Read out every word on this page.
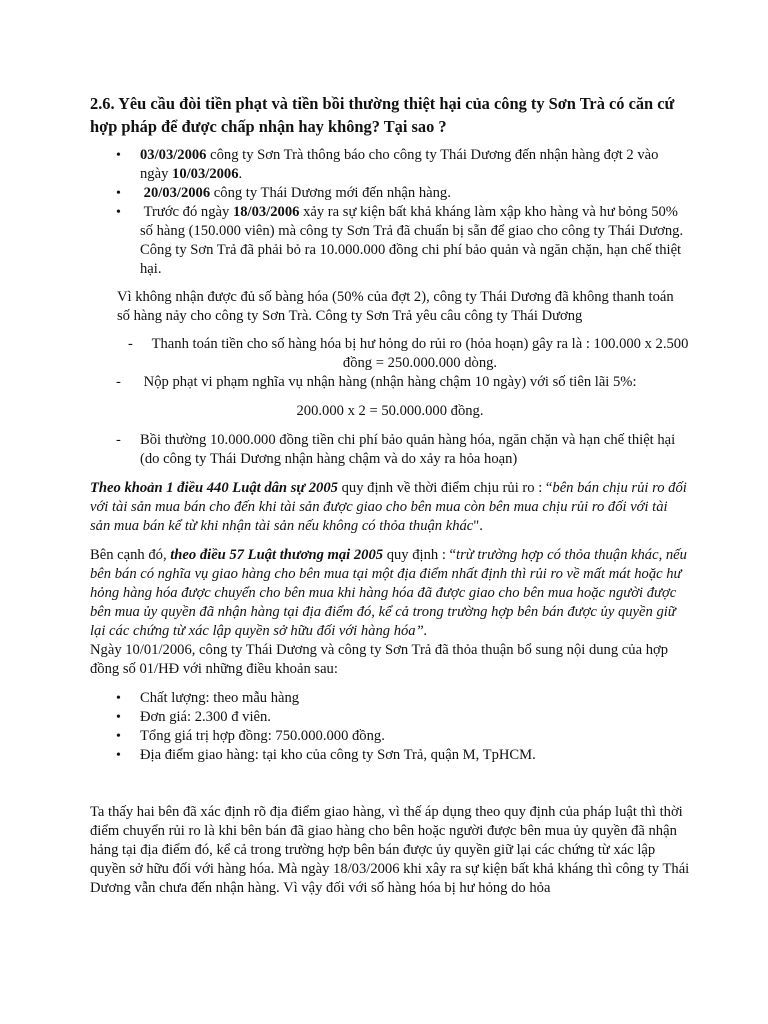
2.6. Yêu cầu đòi tiền phạt và tiền bồi thường thiệt hại của công ty Sơn Trà có căn cứ hợp pháp để được chấp nhận hay không? Tại sao ?
• 03/03/2006 công ty Sơn Trà thông báo cho công ty Thái Dương đến nhận hàng đợt 2 vào ngày 10/03/2006.
• 20/03/2006 công ty Thái Dương mới đến nhận hàng.
• Trước đó ngày 18/03/2006 xảy ra sự kiện bất khả kháng làm xập kho hàng và hư bỏng 50% số hàng (150.000 viên) mà công ty Sơn Trả đã chuẩn bị sẵn để giao cho công ty Thái Dương. Công ty Sơn Trả đã phải bỏ ra 10.000.000 đồng chi phí bảo quản và ngăn chặn, hạn chế thiệt hại.

Vì không nhận được đủ số bàng hóa (50% của đợt 2), công ty Thái Dương đã không thanh toán số hàng nảy cho công ty Sơn Trà. Công ty Sơn Trả yêu câu công ty Thái Dương

- Thanh toán tiền cho số hàng hóa bị hư hỏng do rủi ro (hỏa hoạn) gây ra là : 100.000 x 2.500 đồng = 250.000.000 dòng.
- Nộp phạt vi phạm nghĩa vụ nhận hàng (nhận hàng chậm 10 ngày) với số tiên lãi 5%:
200.000 x 2 = 50.000.000 đồng.
- Bồi thường 10.000.000 đồng tiền chi phí bảo quản hàng hóa, ngăn chặn và hạn chế thiệt hại (do công ty Thái Dương nhận hàng chậm và do xảy ra hỏa hoạn)

Theo khoản 1 điều 440 Luật dân sự 2005 quy định về thời điểm chịu rủi ro : “bên bán chịu rủi ro đối với tài sản mua bán cho đến khi tài sản được giao cho bên mua còn bên mua chịu rủi ro đối với tài sản mua bán kể từ khi nhận tài sản nếu không có thỏa thuận khác".

Bên cạnh đó, theo điều 57 Luật thương mại 2005 quy định : “trừ trường hợp có thỏa thuận khác, nếu bên bán có nghĩa vụ giao hàng cho bên mua tại một địa điểm nhất định thì rủi ro về mất mát hoặc hư hỏng hàng hóa được chuyển cho bên mua khi hàng hóa đã được giao cho bên mua hoặc người được bên mua ủy quyền đã nhận hàng tại địa điểm đó, kể cả trong trường hợp bên bán được ủy quyền giữ lại các chứng từ xác lập quyền sở hữu đối với hàng hóa”.

Ngày 10/01/2006, công ty Thái Dương và công ty Sơn Trả đã thỏa thuận bổ sung nội dung của hợp đồng số 01/HĐ với những điều khoản sau:

• Chất lượng: theo mẫu hàng
• Đơn giá: 2.300 đ viên.
• Tổng giá trị hợp đồng: 750.000.000 đồng.
• Địa điểm giao hàng: tại kho của công ty Sơn Trả, quận M, TpHCM.

Ta thấy hai bên đã xác định rõ địa điểm giao hàng, vì thế áp dụng theo quy định của pháp luật thì thời điểm chuyển rủi ro là khi bên bán đã giao hàng cho bên hoặc người được bên mua ủy quyền đã nhận hảng tại địa điểm đó, kể cả trong trường hợp bên bán được ủy quyền giữ lại các chứng từ xác lập quyền sở hữu đối với hàng hóa. Mà ngày 18/03/2006 khi xây ra sự kiện bất khả kháng thì công ty Thái Dương vẫn chưa đến nhận hàng. Vì vậy đối với số hàng hóa bị hư hỏng do hỏa
